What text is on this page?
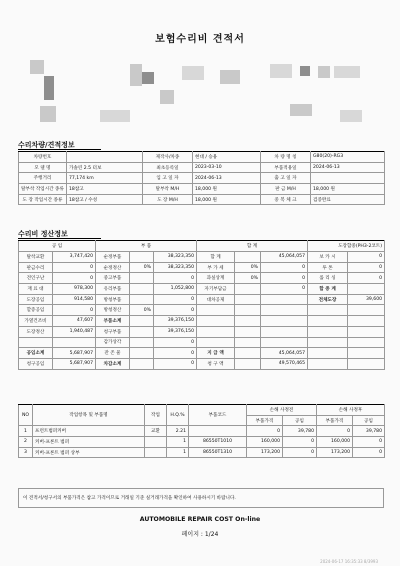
보험수리비 견적서
수리차량/견적정보
차량번호		제작사/차종	현대 / 승용	차 량 명 칭	G80(20)-RG3
모 델 명	가솔린 2.5 터보	최초등록일	2023-03-10	부품적용일	2024-06-13
주행거리	77,174 km	입 고 일 자	2024-06-13	출 고 일 자	
탈부착 작업시간 종류	18참고	탈부착 M/H	18,000 원	판 금 M/H	18,000 원
도 장 작업시간 종류	18참고 / 수성	도 장 M/H	18,000 원	중 복 체 크	검증완료
수리비 정산정보
공 임		부 품			합 계			도장합중(PH3-2코트)	
탈착교환	3,747,420	순정부품		38,323,350	합 계		45,064,057	보 카 시	0
판금수리	0	순정정산	0%	38,323,350	부 가 세	0%	0	투 톤	0
견인구난	0	중고부품		0	과실상계	0%	0	롤 리 싱	0
재 료 대	978,300	유리부품		1,052,800	자기부담금		0	합 중 계	
도장공임	914,580	방청부품		0	대차공제			전체도장	39,600
할증공임	0	방청정산	0%	0					
가열건조비	47,607	부품소계		39,376,150					
도장정산	1,940,487	청구부품		39,376,150					
		감가상각		0					
공임소계	5,687,907	잔 존 물		0	지 급 액		45,064,057		
청구공임	5,687,907	차감소계		0	청 구 액		49,570,465		
NO	작업항목 및 부품명	작업	H.Q.%	부품코드	손해 사정전		손해 사정후	
					부품가격	공임	부품가격	공임
1	프런트범퍼커버	교환	2.21		0	39,780	0	39,780
2	커버-프론트 범퍼		1	86550T1010	160,000	0	160,000	0
3	커버-프론트 범퍼 상부		1	86550T1310	173,200	0	173,200	0
이 견적서/청구서의 부품가격은 참고 가격이므로 거래일 기준 실거래가격을 확인하여 사용하시기 바랍니다.
AUTOMOBILE REPAIR COST On-line
페이지 : 1/24
2024-06-17 16:35:33 8/3993
